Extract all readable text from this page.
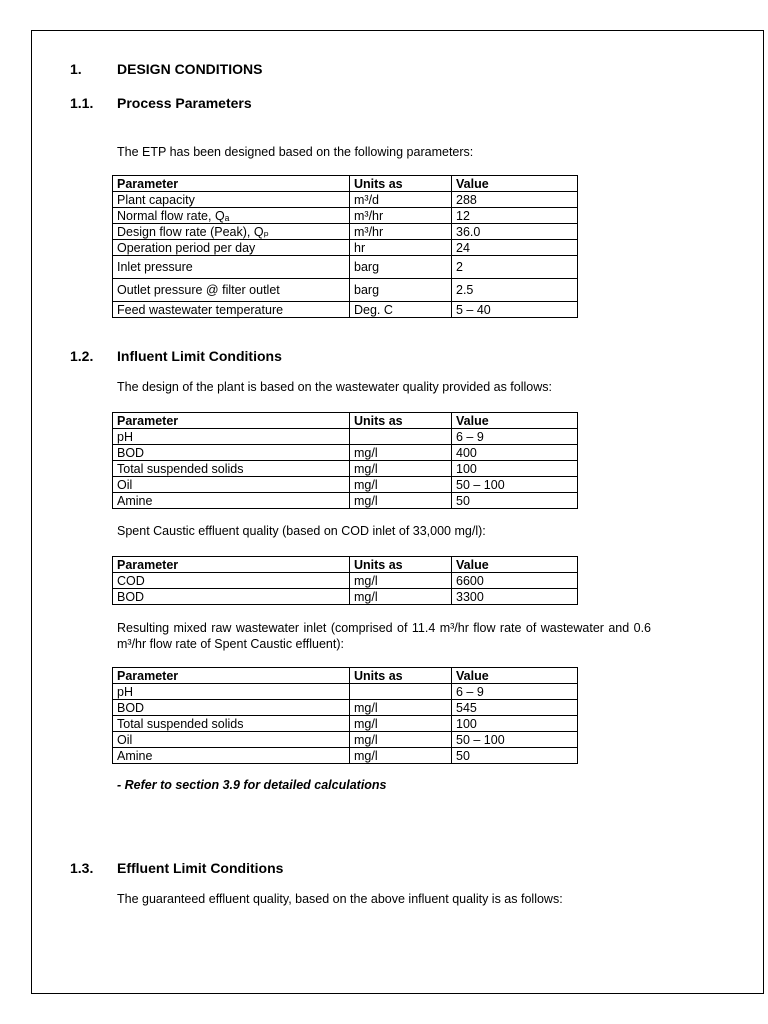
1.	DESIGN CONDITIONS
1.1. Process Parameters
The ETP has been designed based on the following parameters:
Parameter	Units as	Value
Plant capacity	m³/d	288
Normal flow rate, Qₐ	m³/hr	12
Design flow rate (Peak), Qₚ	m³/hr	36.0
Operation period per day	hr	24
Inlet pressure	barg	2
Outlet pressure @ filter outlet	barg	2.5
Feed wastewater temperature	Deg. C	5 – 40
1.2. Influent Limit Conditions
The design of the plant is based on the wastewater quality provided as follows:
Parameter	Units as	Value
pH		6 – 9
BOD	mg/l	400
Total suspended solids	mg/l	100
Oil	mg/l	50 – 100
Amine	mg/l	50
Spent Caustic effluent quality (based on COD inlet of 33,000 mg/l):
Parameter	Units as	Value
COD	mg/l	6600
BOD	mg/l	3300
Resulting mixed raw wastewater inlet (comprised of 11.4 m³/hr flow rate of wastewater and 0.6 m³/hr flow rate of Spent Caustic effluent):
Parameter	Units as	Value
pH		6 – 9
BOD	mg/l	545
Total suspended solids	mg/l	100
Oil	mg/l	50 – 100
Amine	mg/l	50
- Refer to section 3.9 for detailed calculations
1.3. Effluent Limit Conditions
The guaranteed effluent quality, based on the above influent quality is as follows:
